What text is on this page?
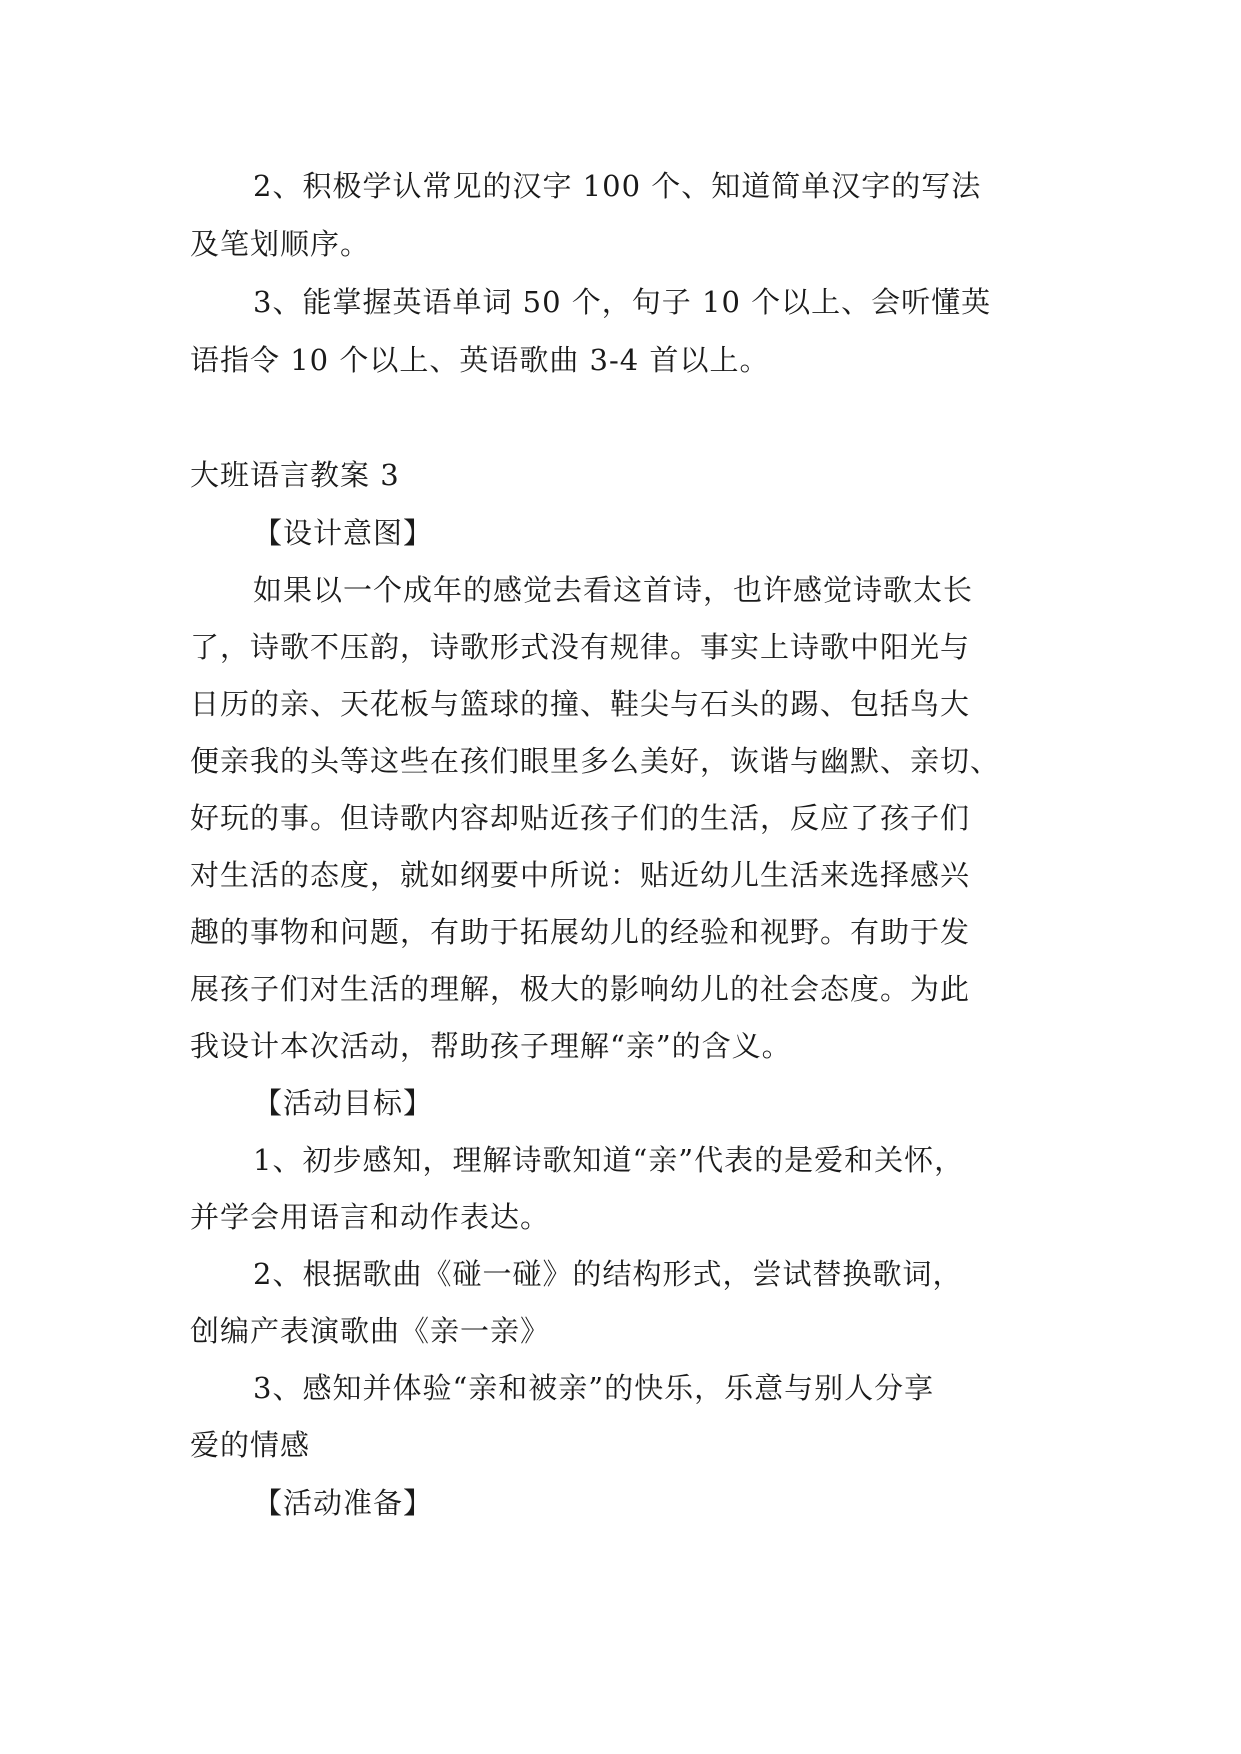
2、积极学认常见的汉字 100 个、知道简单汉字的写法
及笔划顺序。
3、能掌握英语单词 50 个，句子 10 个以上、会听懂英
语指令 10 个以上、英语歌曲 3-4 首以上。
大班语言教案 3
【设计意图】
如果以一个成年的感觉去看这首诗，也许感觉诗歌太长
了，诗歌不压韵，诗歌形式没有规律。事实上诗歌中阳光与
日历的亲、天花板与篮球的撞、鞋尖与石头的踢、包括鸟大
便亲我的头等这些在孩们眼里多么美好，诙谐与幽默、亲切、
好玩的事。但诗歌内容却贴近孩子们的生活，反应了孩子们
对生活的态度，就如纲要中所说：贴近幼儿生活来选择感兴
趣的事物和问题，有助于拓展幼儿的经验和视野。有助于发
展孩子们对生活的理解，极大的影响幼儿的社会态度。为此
我设计本次活动，帮助孩子理解“亲”的含义。
【活动目标】
1、初步感知，理解诗歌知道“亲”代表的是爱和关怀，
并学会用语言和动作表达。
2、根据歌曲《碰一碰》的结构形式，尝试替换歌词，
创编产表演歌曲《亲一亲》
3、感知并体验“亲和被亲”的快乐，乐意与别人分享
爱的情感
【活动准备】
